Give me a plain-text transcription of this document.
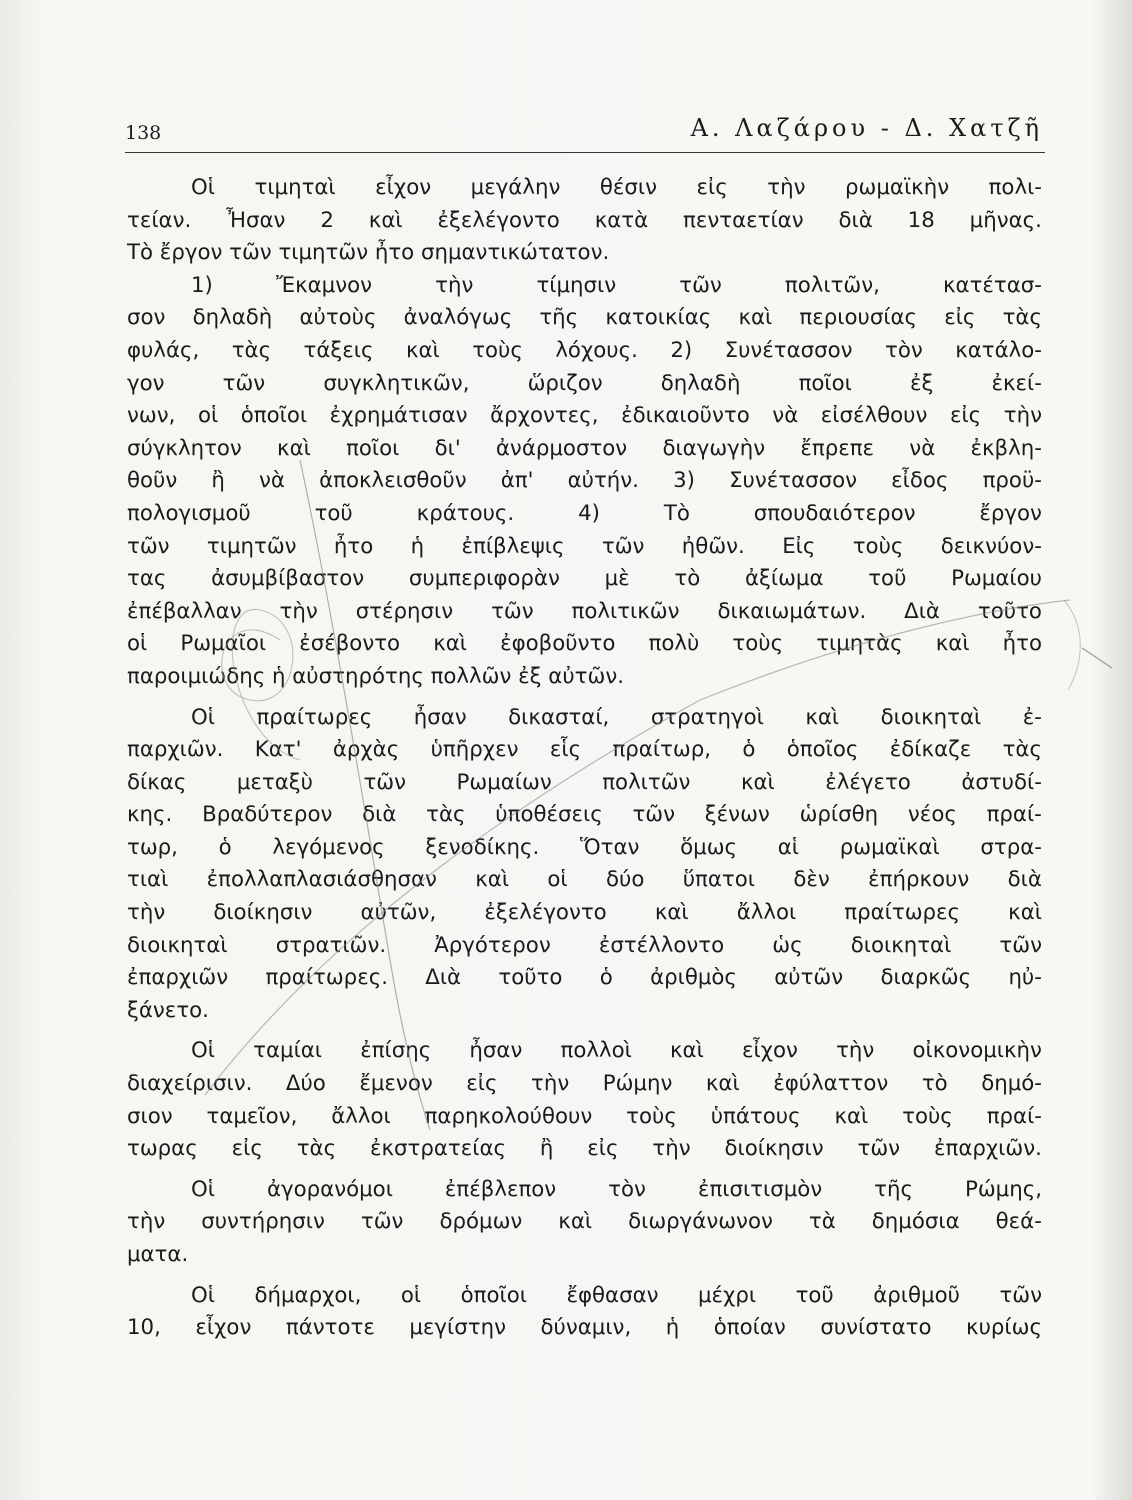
138	Α. Λαζάρου - Δ. Χατζῆ
Οἱ τιμηταὶ εἶχον μεγάλην θέσιν εἰς τὴν ρωμαϊκὴν πολι-
τείαν. Ἦσαν 2 καὶ ἐξελέγοντο κατὰ πενταετίαν διὰ 18 μῆνας.
Τὸ ἔργον τῶν τιμητῶν ἦτο σημαντικώτατον.
1)	Ἔκαμνον	τὴν	τίμησιν	τῶν	πολιτῶν,	κατέτασ-
σον δηλαδὴ αὐτοὺς ἀναλόγως τῆς κατοικίας καὶ περιουσίας εἰς τὰς
φυλάς, τὰς τάξεις καὶ τοὺς λόχους. 2) Συνέτασσον τὸν κατάλο-
γον	τῶν	συγκλητικῶν,	ὥριζον	δηλαδὴ	ποῖοι	ἐξ	ἐκεί-
νων, οἱ ὁποῖοι ἐχρημάτισαν ἄρχοντες, ἐδικαιοῦντο νὰ εἰσέλθουν εἰς τὴν
σύγκλητον καὶ ποῖοι δι' ἀνάρμοστον διαγωγὴν ἔπρεπε νὰ ἐκβλη-
θοῦν ἢ νὰ ἀποκλεισθοῦν ἀπ' αὐτήν. 3) Συνέτασσον εἶδος προϋ-
πολογισμοῦ	τοῦ	κράτους.	4)	Τὸ	σπουδαιότερον	ἔργον
τῶν τιμητῶν ἦτο ἡ ἐπίβλεψις τῶν ἠθῶν. Εἰς τοὺς δεικνύον-
τας ἀσυμβίβαστον συμπεριφορὰν μὲ τὸ ἀξίωμα τοῦ Ρωμαίου
ἐπέβαλλαν τὴν στέρησιν τῶν πολιτικῶν δικαιωμάτων. Διὰ τοῦτο
οἱ Ρωμαῖοι ἐσέβοντο καὶ ἐφοβοῦντο πολὺ τοὺς τιμητὰς καὶ ἦτο
παροιμιώδης ἡ αὐστηρότης πολλῶν ἐξ αὐτῶν.
Οἱ πραίτωρες ἦσαν δικασταί, στρατηγοὶ καὶ διοικηταὶ ἐ-
παρχιῶν. Κατ' ἀρχὰς ὑπῆρχεν εἷς πραίτωρ, ὁ ὁποῖος ἐδίκαζε τὰς
δίκας μεταξὺ τῶν Ρωμαίων πολιτῶν καὶ ἐλέγετο ἀστυδί-
κης. Βραδύτερον διὰ τὰς ὑποθέσεις τῶν ξένων ὡρίσθη νέος πραί-
τωρ, ὁ λεγόμενος ξενοδίκης. Ὅταν ὅμως αἱ ρωμαϊκαὶ στρα-
τιαὶ ἐπολλαπλασιάσθησαν καὶ οἱ δύο ὕπατοι δὲν ἐπήρκουν διὰ
τὴν διοίκησιν αὐτῶν, ἐξελέγοντο καὶ ἄλλοι πραίτωρες καὶ
διοικηταὶ στρατιῶν. Ἀργότερον ἐστέλλοντο ὡς διοικηταὶ τῶν
ἐπαρχιῶν πραίτωρες. Διὰ τοῦτο ὁ ἀριθμὸς αὐτῶν διαρκῶς ηὐ-
ξάνετο.
Οἱ ταμίαι ἐπίσης ἦσαν πολλοὶ καὶ εἶχον τὴν οἰκονομικὴν
διαχείρισιν. Δύο ἔμενον εἰς τὴν Ρώμην καὶ ἐφύλαττον τὸ δημό-
σιον ταμεῖον, ἄλλοι παρηκολούθουν τοὺς ὑπάτους καὶ τοὺς πραί-
τωρας εἰς τὰς ἐκστρατείας ἢ εἰς τὴν διοίκησιν τῶν ἐπαρχιῶν.
Οἱ ἀγορανόμοι ἐπέβλεπον τὸν ἐπισιτισμὸν τῆς Ρώμης,
τὴν συντήρησιν τῶν δρόμων καὶ διωργάνωνον τὰ δημόσια θεά-
ματα.
Οἱ δήμαρχοι, οἱ ὁποῖοι ἔφθασαν μέχρι τοῦ ἀριθμοῦ τῶν
10, εἶχον πάντοτε μεγίστην δύναμιν, ἡ ὁποίαν συνίστατο κυρίως
